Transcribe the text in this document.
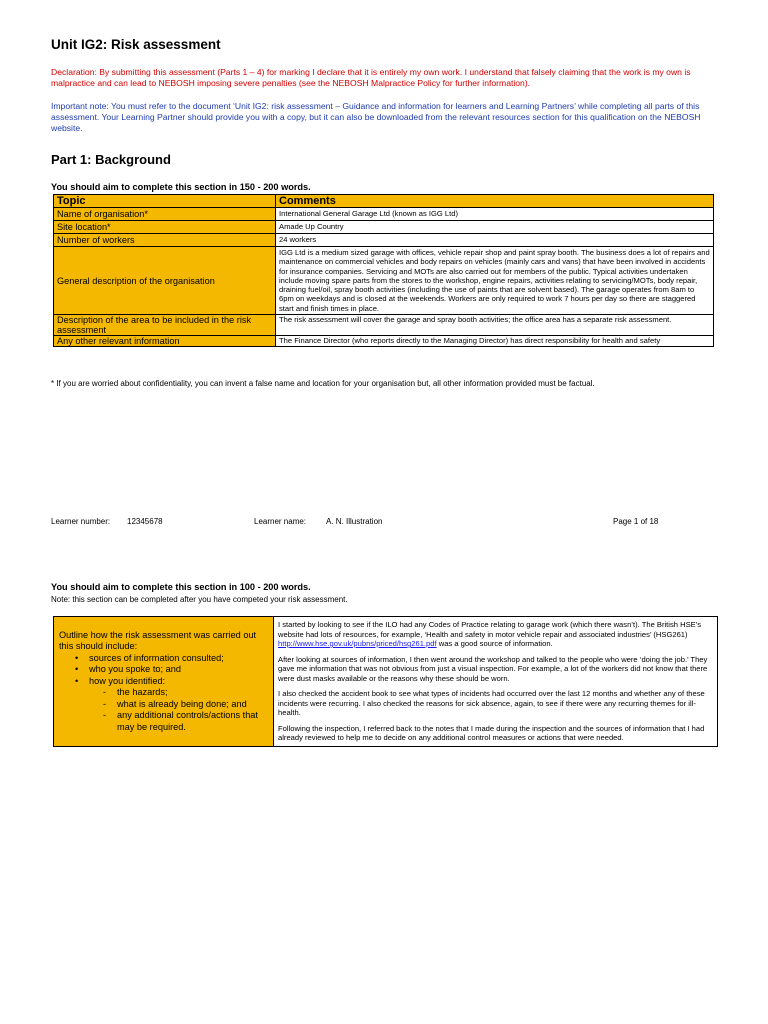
Unit IG2: Risk assessment

Declaration: By submitting this assessment (Parts 1 – 4) for marking I declare that it is entirely my own work. I understand that falsely claiming that the work is my own is malpractice and can lead to NEBOSH imposing severe penalties (see the NEBOSH Malpractice Policy for further information).

Important note: You must refer to the document ‘Unit IG2: risk assessment – Guidance and information for learners and Learning Partners’ while completing all parts of this assessment. Your Learning Partner should provide you with a copy, but it can also be downloaded from the relevant resources section for this qualification on the NEBOSH website.

Part 1: Background

You should aim to complete this section in 150 - 200 words.

Topic	Comments
Name of organisation*	International General Garage Ltd (known as IGG Ltd)
Site location*	Amade Up Country
Number of workers	24 workers
General description of the organisation	IGG Ltd is a medium sized garage with offices, vehicle repair shop and paint spray booth. The business does a lot of repairs and maintenance on commercial vehicles and body repairs on vehicles (mainly cars and vans) that have been involved in accidents for insurance companies. Servicing and MOTs are also carried out for members of the public. Typical activities undertaken include moving spare parts from the stores to the workshop, engine repairs, activities relating to servicing/MOTs, body repair, draining fuel/oil, spray booth activities (including the use of paints that are solvent based). The garage operates from 8am to 6pm on weekdays and is closed at the weekends. Workers are only required to work 7 hours per day so there are staggered start and finish times in place.
Description of the area to be included in the risk assessment	The risk assessment will cover the garage and spray booth activities; the office area has a separate risk assessment.
Any other relevant information	The Finance Director (who reports directly to the Managing Director) has direct responsibility for health and safety

* If you are worried about confidentiality, you can invent a false name and location for your organisation but, all other information provided must be factual.

Learner number: 12345678	Learner name: A. N. Illustration	Page 1 of 18

You should aim to complete this section in 100 - 200 words.

Note: this section can be completed after you have competed your risk assessment.

Outline how the risk assessment was carried out this should include:
• sources of information consulted;
• who you spoke to; and
• how you identified:
- the hazards;
- what is already being done; and
- any additional controls/actions that may be required.

I started by looking to see if the ILO had any Codes of Practice relating to garage work (which there wasn’t). The British HSE’s website had lots of resources, for example, ‘Health and safety in motor vehicle repair and associated industries’ (HSG261) http://www.hse.gov.uk/pubns/priced/hsg261.pdf was a good source of information.

After looking at sources of information, I then went around the workshop and talked to the people who were ‘doing the job.’ They gave me information that was not obvious from just a visual inspection. For example, a lot of the workers did not know that there were dust masks available or the reasons why these should be worn.

I also checked the accident book to see what types of incidents had occurred over the last 12 months and whether any of these incidents were recurring. I also checked the reasons for sick absence, again, to see if there were any recurring themes for ill-health.

Following the inspection, I referred back to the notes that I made during the inspection and the sources of information that I had already reviewed to help me to decide on any additional control measures or actions that were needed.
